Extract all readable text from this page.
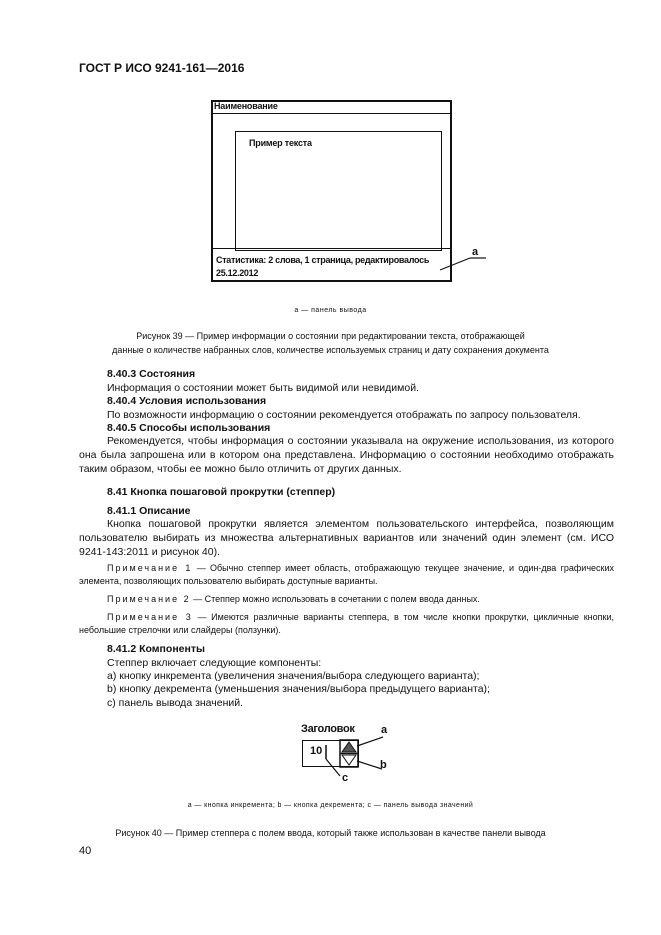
ГОСТ Р ИСО 9241-161—2016
Наименование
Пример текста
Статистика: 2 слова, 1 страница, редактировалось
25.12.2012
a
a — панель вывода
Рисунок 39 — Пример информации о состоянии при редактировании текста, отображающей
данные о количестве набранных слов, количестве используемых страниц и дату сохранения документа
8.40.3 Состояния
Информация о состоянии может быть видимой или невидимой.
8.40.4 Условия использования
По возможности информацию о состоянии рекомендуется отображать по запросу пользователя.
8.40.5 Способы использования
Рекомендуется, чтобы информация о состоянии указывала на окружение использования, из которого она была запрошена или в котором она представлена. Информацию о состоянии необходимо отображать таким образом, чтобы ее можно было отличить от других данных.
8.41 Кнопка пошаговой прокрутки (степпер)
8.41.1 Описание
Кнопка пошаговой прокрутки является элементом пользовательского интерфейса, позволяющим пользователю выбирать из множества альтернативных вариантов или значений один элемент (см. ИСО 9241-143:2011 и рисунок 40).
Примечание 1 — Обычно степпер имеет область, отображающую текущее значение, и один-два графических элемента, позволяющих пользователю выбирать доступные варианты.
Примечание 2 — Степпер можно использовать в сочетании с полем ввода данных.
Примечание 3 — Имеются различные варианты степпера, в том числе кнопки прокрутки, цикличные кнопки, небольшие стрелочки или слайдеры (ползунки).
8.41.2 Компоненты
Степпер включает следующие компоненты:
a) кнопку инкремента (увеличения значения/выбора следующего варианта);
b) кнопку декремента (уменьшения значения/выбора предыдущего варианта);
c) панель вывода значений.
Заголовок
10
a
b
c
a — кнопка инкремента; b — кнопка декремента; c — панель вывода значений
Рисунок 40 — Пример степпера с полем ввода, который также использован в качестве панели вывода
40
